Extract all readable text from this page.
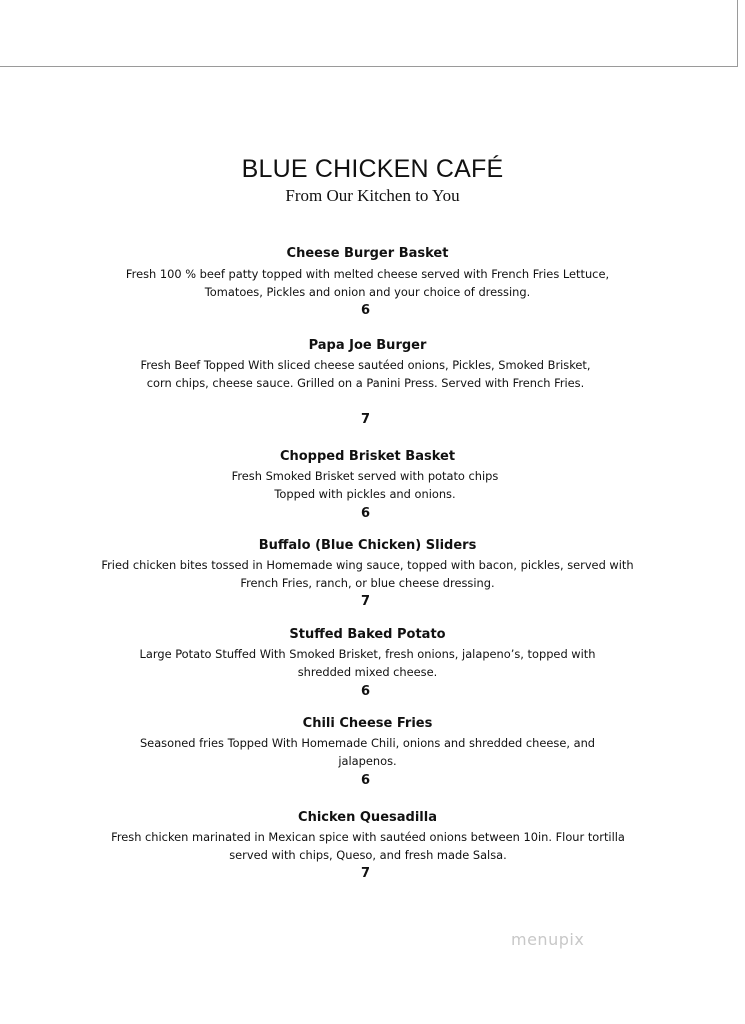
BLUE CHICKEN CAFÉ
From Our Kitchen to You
Cheese Burger Basket
Fresh 100 % beef patty topped with melted cheese served with French Fries Lettuce, Tomatoes, Pickles and onion and your choice of dressing.
6
Papa Joe Burger
Fresh Beef Topped With sliced cheese sautéed onions, Pickles, Smoked Brisket, corn chips, cheese sauce. Grilled on a Panini Press. Served with French Fries.
7
Chopped Brisket Basket
Fresh Smoked Brisket served with potato chips Topped with pickles and onions.
6
Buffalo (Blue Chicken) Sliders
Fried chicken bites tossed in Homemade wing sauce, topped with bacon, pickles, served with French Fries, ranch, or blue cheese dressing.
7
Stuffed Baked Potato
Large Potato Stuffed With Smoked Brisket, fresh onions, jalapeno’s, topped with shredded mixed cheese.
6
Chili Cheese Fries
Seasoned fries Topped With Homemade Chili, onions and shredded cheese, and jalapenos.
6
Chicken Quesadilla
Fresh chicken marinated in Mexican spice with sautéed onions between 10in. Flour tortilla served with chips, Queso, and fresh made Salsa.
7
menupix
